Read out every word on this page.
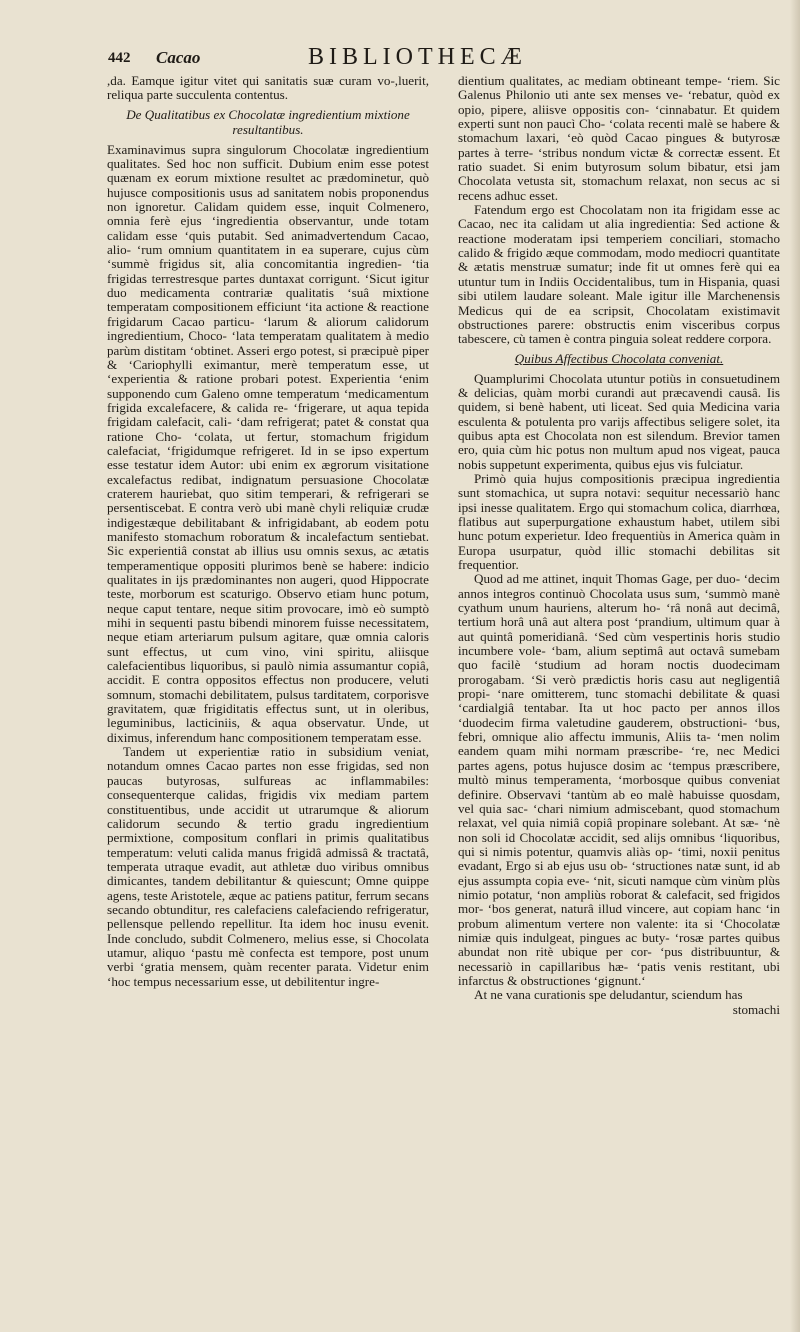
442 Cacao	BIBLIOTHECÆ

,da. Eamque igitur vitet qui sanitatis suæ curam vo-,luerit, reliqua parte succulenta contentus.

De Qualitatibus ex Chocolatæ ingredientium mixtione resultantibus.

Examinavimus supra singulorum Chocolatæ ingredientium qualitates. Sed hoc non sufficit. Dubium enim esse potest quænam ex eorum mixtione resultet ac prædominetur, quò hujusce compositionis usus ad sanitatem nobis proponendus non ignoretur. Calidam quidem esse, inquit Colmenero, omnia ferè ejus ‘ingredientia observantur, unde totam calidam esse ‘quis putabit. Sed animadvertendum Cacao, alio- ‘rum omnium quantitatem in ea superare, cujus cùm ‘summè frigidus sit, alia concomitantia ingredien- ‘tia frigidas terrestresque partes duntaxat corrigunt. ‘Sicut igitur duo medicamenta contrariæ qualitatis ‘suâ mixtione temperatam compositionem efficiunt ‘ita actione & reactione frigidarum Cacao particu- ‘larum & aliorum calidorum ingredientium, Choco- ‘lata temperatam qualitatem à medio parùm distitam ‘obtinet. Asseri ergo potest, si præcipuè piper & ‘Cariophylli eximantur, merè temperatum esse, ut ‘experientia & ratione probari potest. Experientia ‘enim supponendo cum Galeno omne temperatum ‘medicamentum frigida excalefacere, & calida re- ‘frigerare, ut aqua tepida frigidam calefacit, cali- ‘dam refrigerat; patet & constat qua ratione Cho- ‘colata, ut fertur, stomachum frigidum calefaciat, ‘frigidumque refrigeret. Id in se ipso expertum esse testatur idem Autor: ubi enim ex ægrorum visitatione excalefactus redibat, indignatum persuasione Chocolatæ craterem hauriebat, quo sitim temperari, & refrigerari se persentiscebat. E contra verò ubi manè chyli reliquiæ crudæ indigestæque debilitabant & infrigidabant, ab eodem potu manifesto stomachum roboratum & incalefactum sentiebat. Sic experientiâ constat ab illius usu omnis sexus, ac ætatis temperamentique oppositi plurimos benè se habere: indicio qualitates in ijs prædominantes non augeri, quod Hippocrate teste, morborum est scaturigo. Observo etiam hunc potum, neque caput tentare, neque sitim provocare, imò eò sumptò mihi in sequenti pastu bibendi minorem fuisse necessitatem, neque etiam arteriarum pulsum agitare, quæ omnia caloris sunt effectus, ut cum vino, vini spiritu, aliisque calefacientibus liquoribus, si paulò nimia assumantur copiâ, accidit. E contra oppositos effectus non producere, veluti somnum, stomachi debilitatem, pulsus tarditatem, corporisve gravitatem, quæ frigiditatis effectus sunt, ut in oleribus, leguminibus, lacticiniis, & aqua observatur. Unde, ut diximus, inferendum hanc compositionem temperatam esse.

Tandem ut experientiæ ratio in subsidium veniat, notandum omnes Cacao partes non esse frigidas, sed non paucas butyrosas, sulfureas ac inflammabiles: consequenterque calidas, frigidis vix mediam partem constituentibus, unde accidit ut utrarumque & aliorum calidorum secundo & tertio gradu ingredientium permixtione, compositum conflari in primis qualitatibus temperatum: veluti calida manus frigidâ admissâ & tractatâ, temperata utraque evadit, aut athletæ duo viribus omnibus dimicantes, tandem debilitantur & quiescunt; Omne quippe agens, teste Aristotele, æque ac patiens patitur, ferrum secans secando obtunditur, res calefaciens calefaciendo refrigeratur, pellensque pellendo repellitur. Ita idem hoc inusu evenit. Inde concludo, subdit Colmenero, melius esse, si Chocolata utamur, aliquo ‘pastu mè confecta est tempore, post unum verbi ‘gratia mensem, quàm recenter parata. Videtur enim ‘hoc tempus necessarium esse, ut debilitentur ingre-

dientium qualitates, ac mediam obtineant tempe- ‘riem. Sic Galenus Philonio uti ante sex menses ve- ‘rebatur, quòd ex opio, pipere, aliisve oppositis con- ‘cinnabatur. Et quidem experti sunt non paucì Cho- ‘colata recenti malè se habere & stomachum laxari, ‘eò quòd Cacao pingues & butyrosæ partes à terre- ‘stribus nondum victæ & correctæ essent. Et ratio suadet. Si enim butyrosum solum bibatur, etsi jam Chocolata vetusta sit, stomachum relaxat, non secus ac si recens adhuc esset.

Fatendum ergo est Chocolatam non ita frigidam esse ac Cacao, nec ita calidam ut alia ingredientia: Sed actione & reactione moderatam ipsi temperiem conciliari, stomacho calido & frigido æque commodam, modo mediocri quantitate & ætatis menstruæ sumatur; inde fit ut omnes ferè qui ea utuntur tum in Indiis Occidentalibus, tum in Hispania, quasi sibi utilem laudare soleant. Male igitur ille Marchenensis Medicus qui de ea scripsit, Chocolatam existimavit obstructiones parere: obstructis enim visceribus corpus tabescere, cù tamen è contra pinguia soleat reddere corpora.

Quibus Affectibus Chocolata conveniat.

Quamplurimi Chocolata utuntur potiùs in consuetudinem & delicias, quàm morbi curandi aut præcavendi causâ. Iis quidem, si benè habent, uti liceat. Sed quia Medicina varia esculenta & potulenta pro varijs affectibus seligere solet, ita quibus apta est Chocolata non est silendum. Brevior tamen ero, quia cùm hic potus non multum apud nos vigeat, pauca nobis suppetunt experimenta, quibus ejus vis fulciatur.

Primò quia hujus compositionis præcipua ingredientia sunt stomachica, ut supra notavi: sequitur necessariò hanc ipsi inesse qualitatem. Ergo qui stomachum colica, diarrhœa, flatibus aut superpurgatione exhaustum habet, utilem sibi hunc potum experietur. Ideo frequentiùs in America quàm in Europa usurpatur, quòd illic stomachi debilitas sit frequentior.

Quod ad me attinet, inquit Thomas Gage, per duo- ‘decim annos integros continuò Chocolata usus sum, ‘summò manè cyathum unum hauriens, alterum ho- ‘râ nonâ aut decimâ, tertium horâ unâ aut altera post ‘prandium, ultimum quar à aut quintâ pomeridianâ. ‘Sed cùm vespertinis horis studio incumbere vole- ‘bam, alium septimâ aut octavâ sumebam quo facilè ‘studium ad horam noctis duodecimam prorogabam. ‘Si verò prædictis horis casu aut negligentiâ propi- ‘nare omitterem, tunc stomachi debilitate & quasi ‘cardialgiâ tentabar. Ita ut hoc pacto per annos illos ‘duodecim firma valetudine gauderem, obstructioni- ‘bus, febri, omnique alio affectu immunis, Aliis ta- ‘men nolim eandem quam mihi normam præscribe- ‘re, nec Medici partes agens, potus hujusce dosim ac ‘tempus præscribere, multò minus temperamenta, ‘morbosque quibus conveniat definire. Observavi ‘tantùm ab eo malè habuisse quosdam, vel quia sac- ‘chari nimium admiscebant, quod stomachum relaxat, vel quia nimiâ copiâ propinare solebant. At sæ- ‘nè non soli id Chocolatæ accidit, sed alijs omnibus ‘liquoribus, qui si nimis potentur, quamvis aliàs op- ‘timi, noxii penitus evadant, Ergo si ab ejus usu ob- ‘structiones natæ sunt, id ab ejus assumpta copia eve- ‘nit, sicuti namque cùm vinùm plùs nimio potatur, ‘non ampliùs roborat & calefacit, sed frigidos mor- ‘bos generat, naturâ illud vincere, aut copiam hanc ‘in probum alimentum vertere non valente: ita si ‘Chocolatæ nimiæ quis indulgeat, pingues ac buty- ‘rosæ partes quibus abundat non ritè ubique per cor- ‘pus distribuuntur, & necessariò in capillaribus hæ- ‘patis venis restitant, ubi infarctus & obstructiones ‘gignunt.‘

At ne vana curationis spe deludantur, sciendum has

stomachi
